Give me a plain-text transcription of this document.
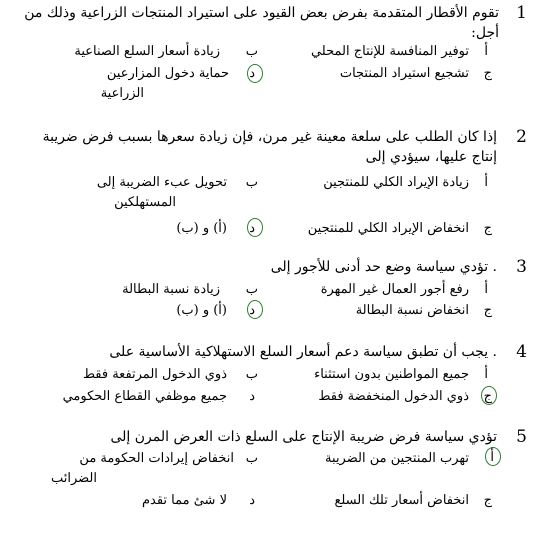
1
تقوم الأقطار المتقدمة بفرض بعض القيود على استيراد المنتجات الزراعية وذلك من
أجل:
أ
توفير المنافسة للإنتاج المحلي
ب
زيادة أسعار السلع الصناعية
ج
تشجيع استيراد المنتجات
د
حماية دخول المزارعين
الزراعية
2
إذا كان الطلب على سلعة معينة غير مرن، فإن زيادة سعرها بسبب فرض ضريبة
إنتاج عليها، سيؤدي إلى
أ
زيادة الإيراد الكلي للمنتجين
ب
تحويل عبء الضريبة إلى
المستهلكين
ج
انخفاض الإيراد الكلي للمنتجين
د
(أ) و (ب)
3
. تؤدي سياسة وضع حد أدنى للأجور إلى
أ
رفع أجور العمال غير المهرة
ب
زيادة نسبة البطالة
ج
انخفاض نسبة البطالة
د
(أ) و (ب)
4
. يجب أن تطبق سياسة دعم أسعار السلع الاستهلاكية الأساسية على
أ
جميع المواطنين بدون استثناء
ب
ذوي الدخول المرتفعة فقط
ج
ذوي الدخول المنخفضة فقط
د
جميع موظفي القطاع الحكومي
5
تؤدي سياسة فرض ضريبة الإنتاج على السلع ذات العرض المرن إلى
أ
تهرب المنتجين من الضريبة
ب
انخفاض إيرادات الحكومة من
الضرائب
ج
انخفاض أسعار تلك السلع
د
لا شئ مما تقدم
